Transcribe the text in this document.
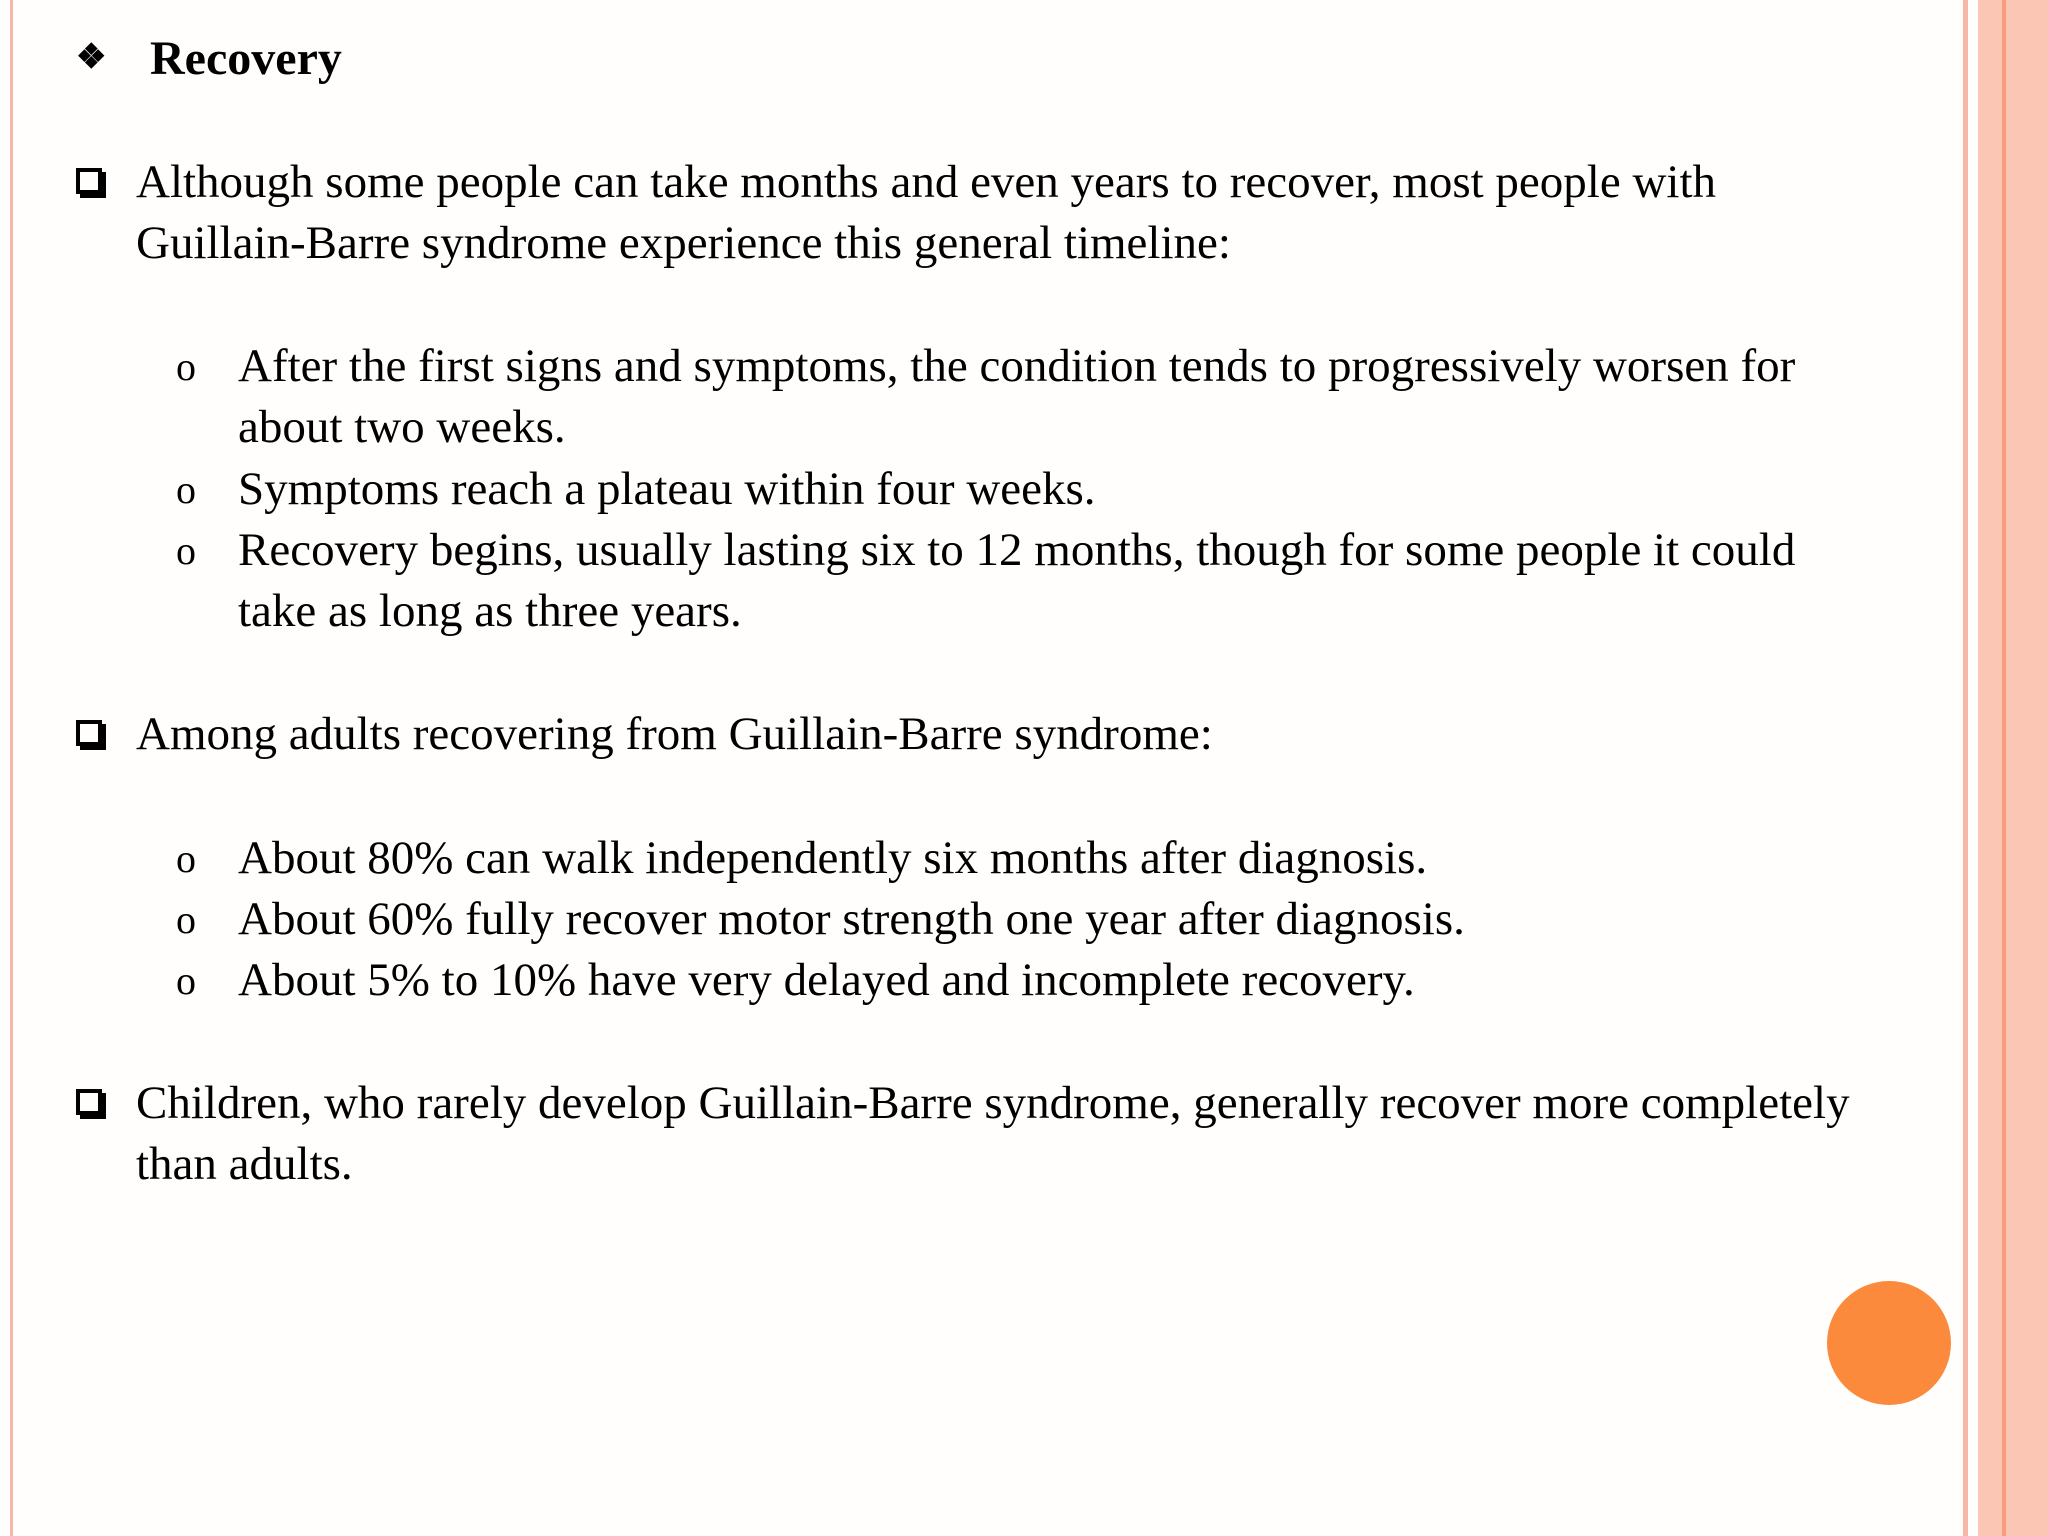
❖ Recovery
Although some people can take months and even years to recover, most people with Guillain-Barre syndrome experience this general timeline:
o After the first signs and symptoms, the condition tends to progressively worsen for about two weeks.
o Symptoms reach a plateau within four weeks.
o Recovery begins, usually lasting six to 12 months, though for some people it could take as long as three years.
Among adults recovering from Guillain-Barre syndrome:
o About 80% can walk independently six months after diagnosis.
o About 60% fully recover motor strength one year after diagnosis.
o About 5% to 10% have very delayed and incomplete recovery.
Children, who rarely develop Guillain-Barre syndrome, generally recover more completely than adults.
